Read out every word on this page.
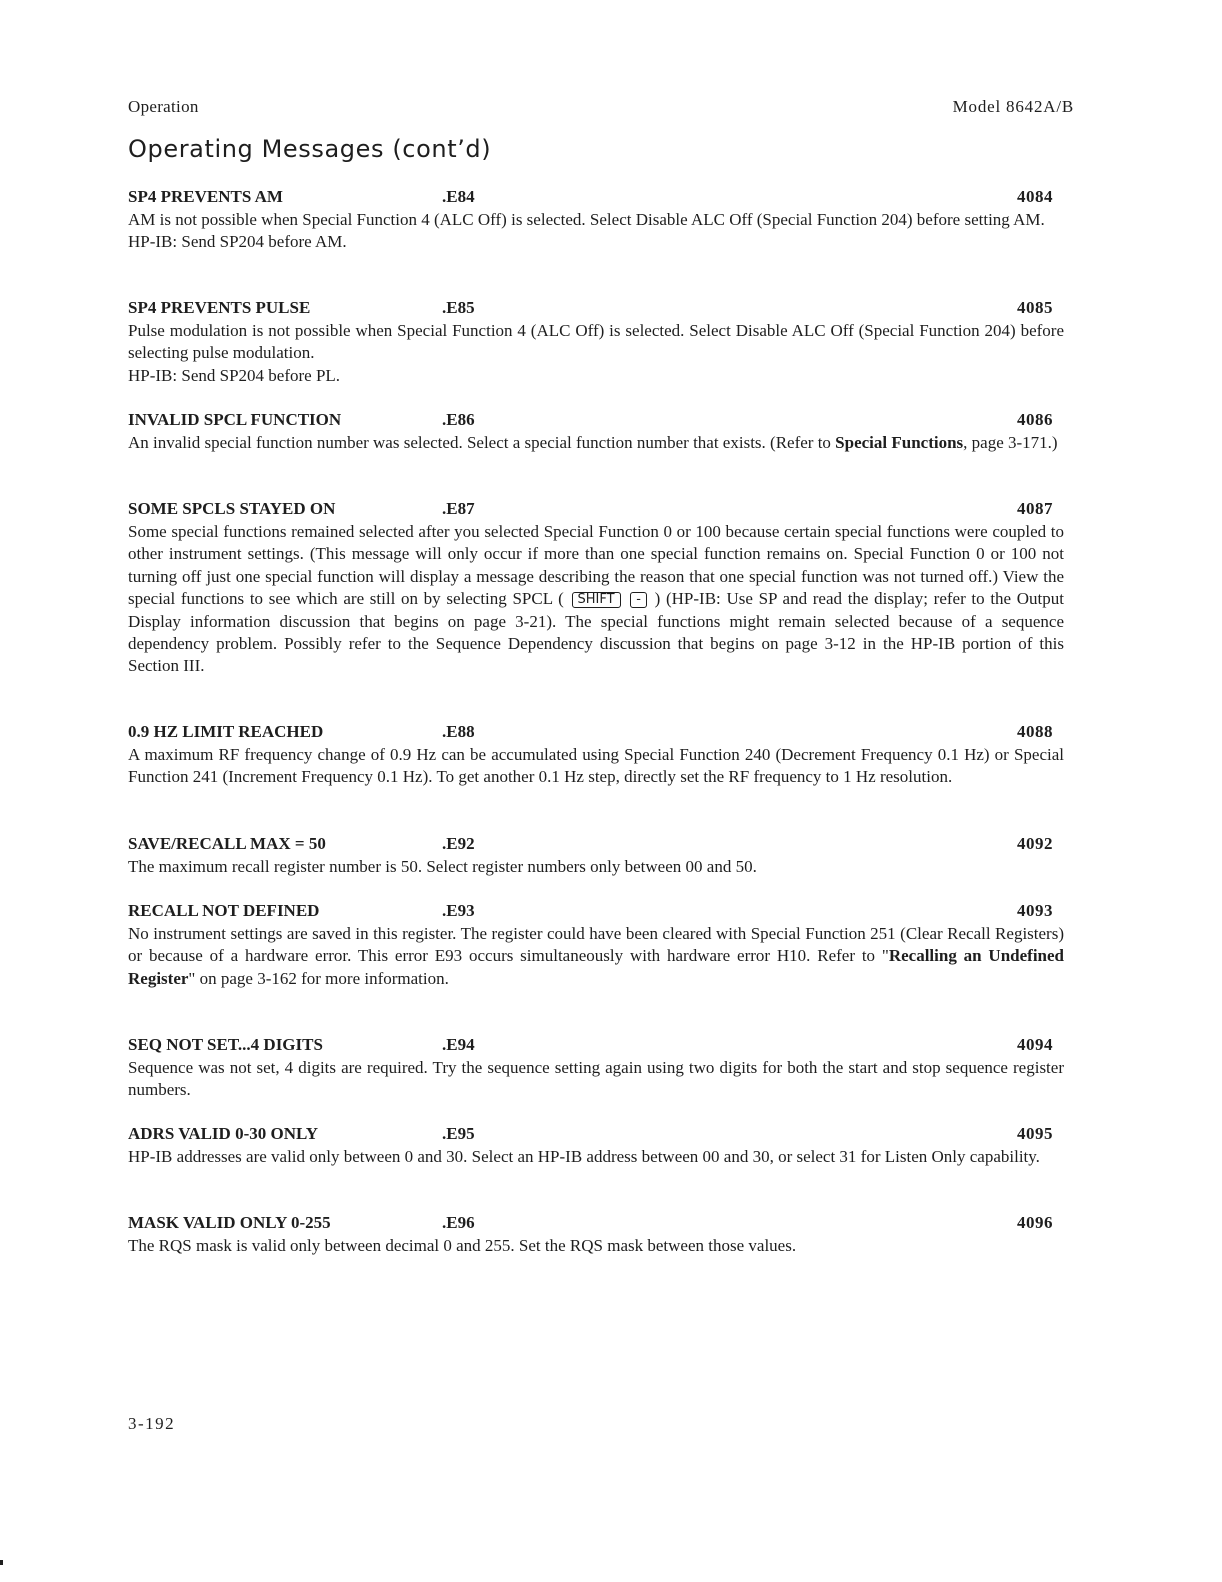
Operation	Model 8642A/B
Operating Messages (cont’d)
SP4 PREVENTS AM	.E84	4084

AM is not possible when Special Function 4 (ALC Off) is selected. Select Disable ALC Off (Special Function 204) before setting AM.

HP-IB: Send SP204 before AM.

SP4 PREVENTS PULSE	.E85	4085

Pulse modulation is not possible when Special Function 4 (ALC Off) is selected. Select Disable ALC Off (Special Function 204) before selecting pulse modulation.

HP-IB: Send SP204 before PL.

INVALID SPCL FUNCTION	.E86	4086

An invalid special function number was selected. Select a special function number that exists. (Refer to Special Functions, page 3-171.)

SOME SPCLS STAYED ON	.E87	4087

Some special functions remained selected after you selected Special Function 0 or 100 because certain special functions were coupled to other instrument settings. (This message will only occur if more than one special function remains on. Special Function 0 or 100 not turning off just one special function will display a message describing the reason that one special function was not turned off.) View the special functions to see which are still on by selecting SPCL ( SHIFT - ) (HP-IB: Use SP and read the display; refer to the Output Display information discussion that begins on page 3-21). The special functions might remain selected because of a sequence dependency problem. Possibly refer to the Sequence Dependency discussion that begins on page 3-12 in the HP-IB portion of this Section III.

0.9 HZ LIMIT REACHED	.E88	4088

A maximum RF frequency change of 0.9 Hz can be accumulated using Special Function 240 (Decrement Frequency 0.1 Hz) or Special Function 241 (Increment Frequency 0.1 Hz). To get another 0.1 Hz step, directly set the RF frequency to 1 Hz resolution.

SAVE/RECALL MAX = 50	.E92	4092

The maximum recall register number is 50. Select register numbers only between 00 and 50.

RECALL NOT DEFINED	.E93	4093

No instrument settings are saved in this register. The register could have been cleared with Special Function 251 (Clear Recall Registers) or because of a hardware error. This error E93 occurs simultaneously with hardware error H10. Refer to "Recalling an Undefined Register" on page 3-162 for more information.

SEQ NOT SET...4 DIGITS	.E94	4094

Sequence was not set, 4 digits are required. Try the sequence setting again using two digits for both the start and stop sequence register numbers.

ADRS VALID 0-30 ONLY	.E95	4095

HP-IB addresses are valid only between 0 and 30. Select an HP-IB address between 00 and 30, or select 31 for Listen Only capability.

MASK VALID ONLY 0-255	.E96	4096

The RQS mask is valid only between decimal 0 and 255. Set the RQS mask between those values.

3-192
